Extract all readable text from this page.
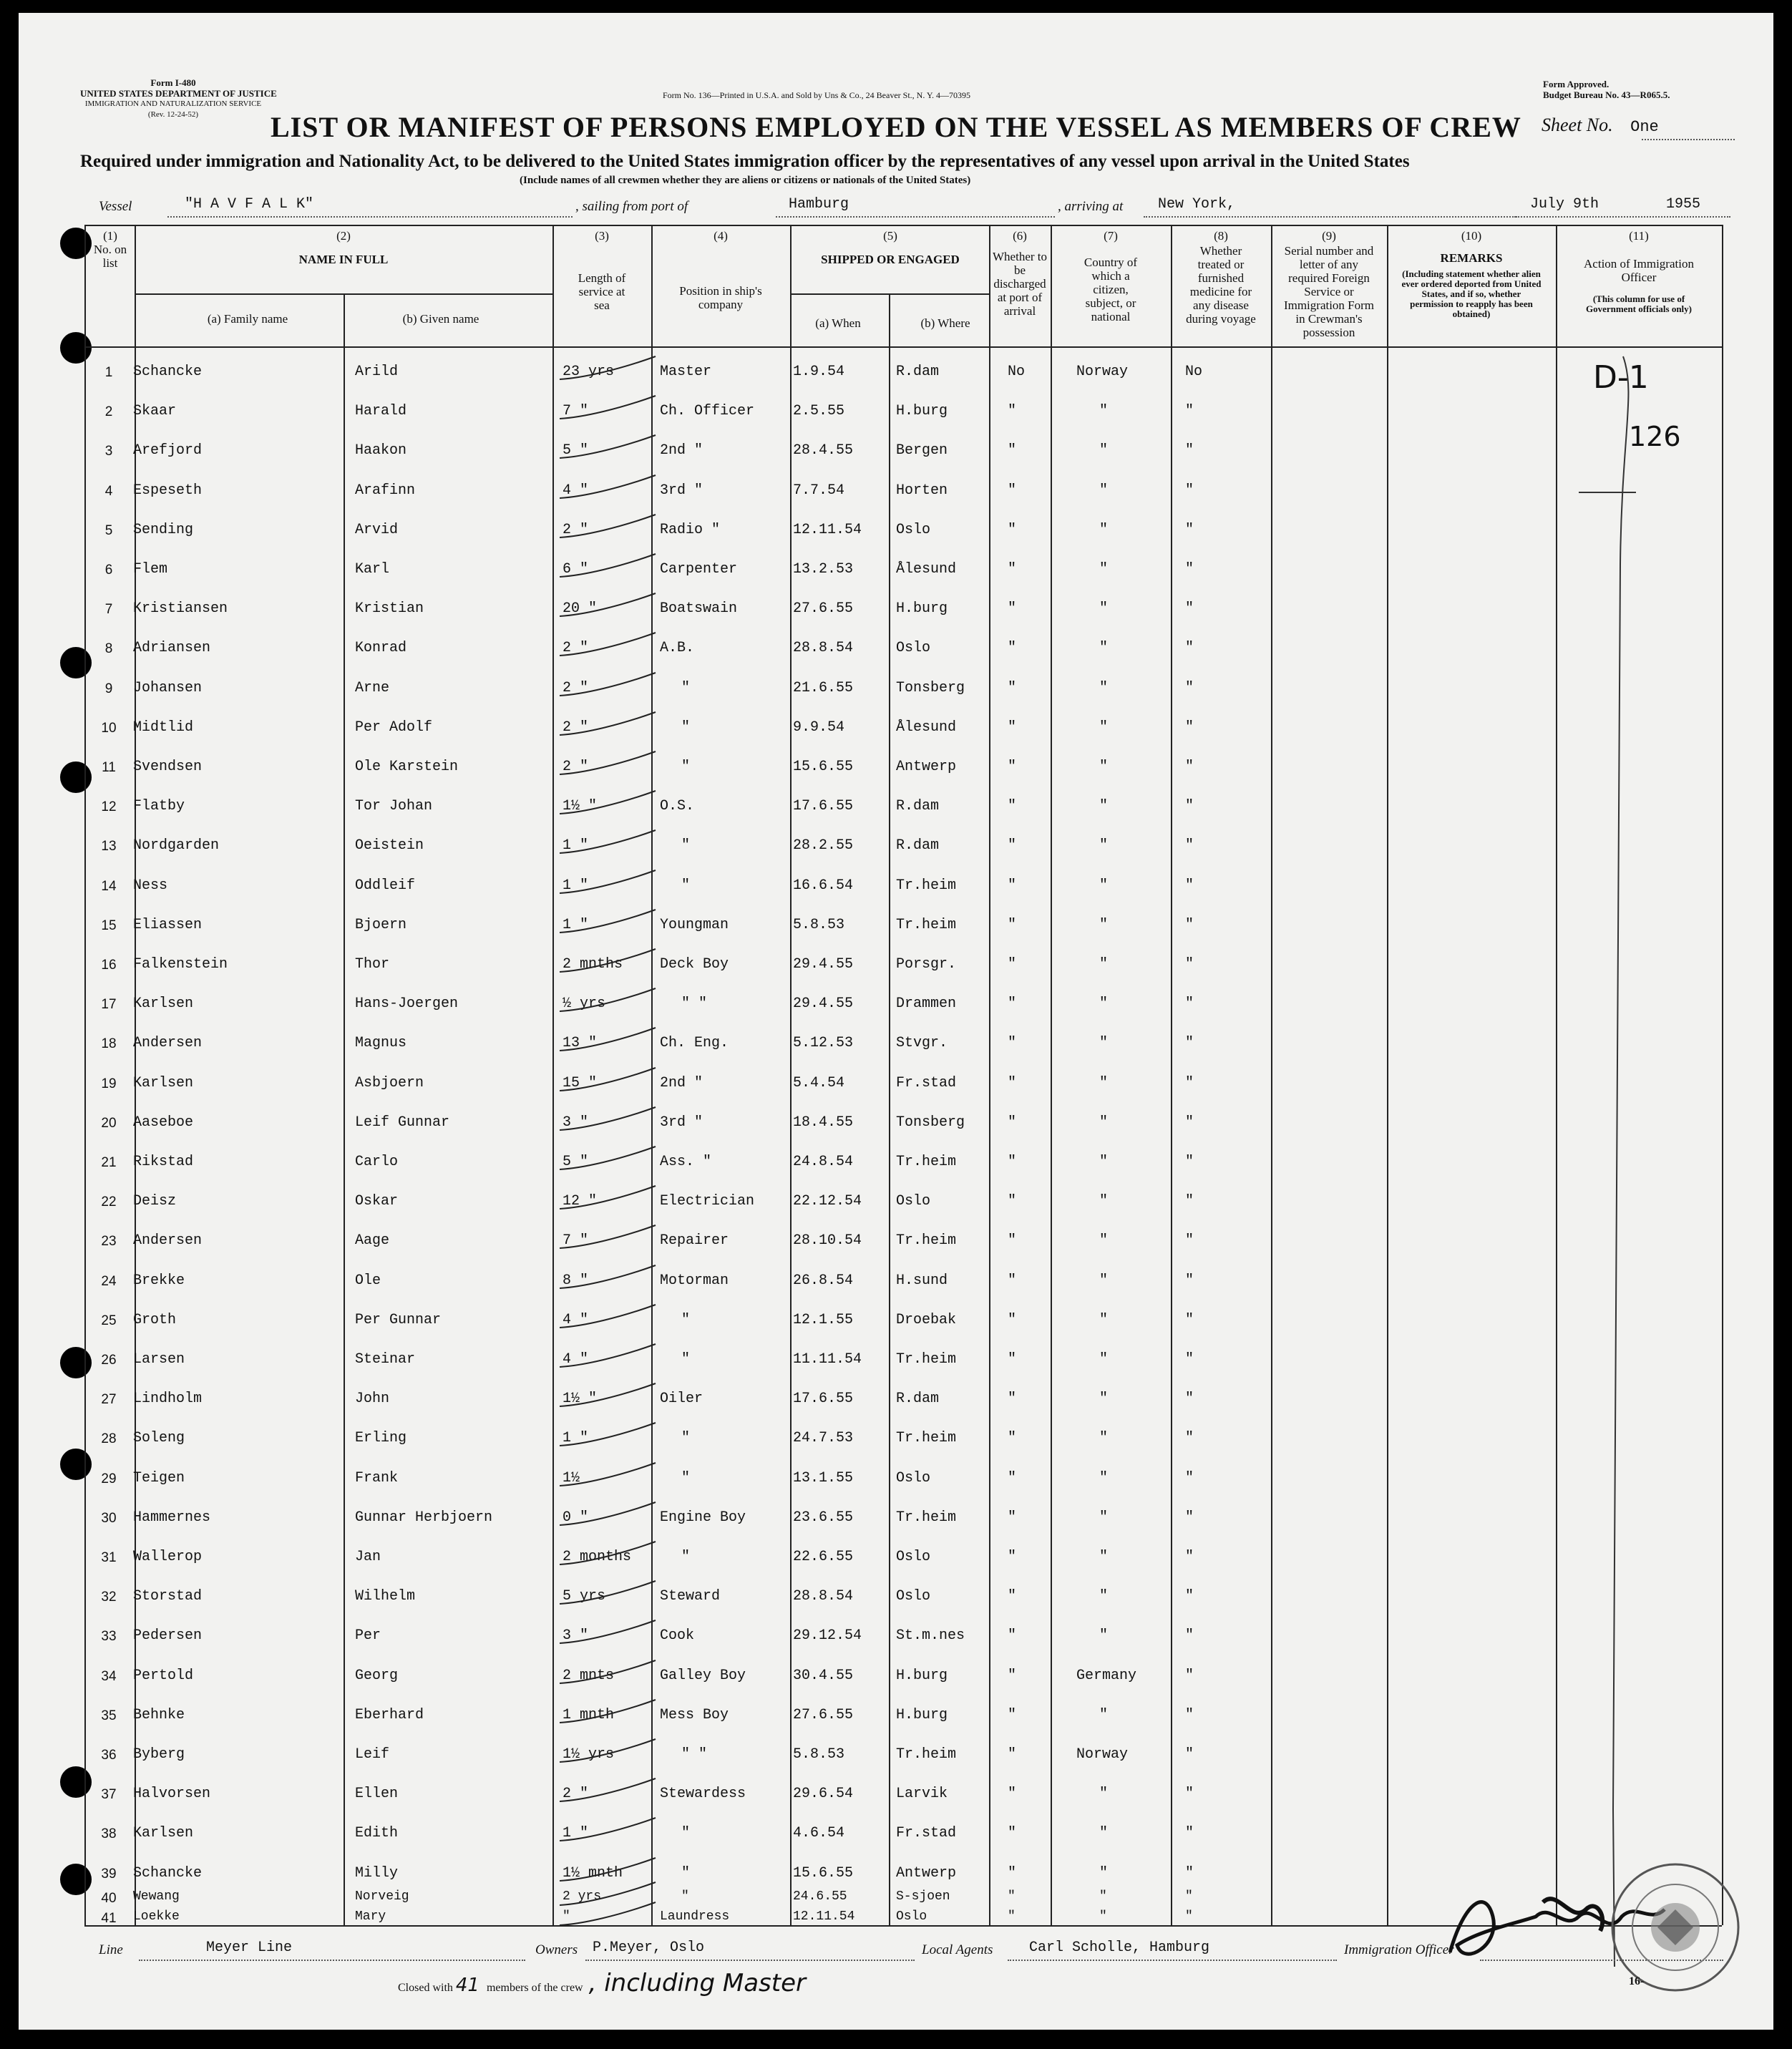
Form I-480
UNITED STATES DEPARTMENT OF JUSTICE
IMMIGRATION AND NATURALIZATION SERVICE
(Rev. 12-24-52)
Form No. 136—Printed in U.S.A. and Sold by Uns & Co., 24 Beaver St., N. Y. 4—70395
Form Approved.
Budget Bureau No. 43—R065.5.
LIST OR MANIFEST OF PERSONS EMPLOYED ON THE VESSEL AS MEMBERS OF CREW Sheet No. One
Required under immigration and Nationality Act, to be delivered to the United States immigration officer by the representatives of any vessel upon arrival in the United States
(Include names of all crewmen whether they are aliens or citizens or nationals of the United States)
Vessel	"H A V F A L K"	, sailing from port of	Hamburg	, arriving at New York,	July 9th	1955
(1)
No. on list
(2)
NAME IN FULL
(a) Family name	(b) Given name
(3)
Length of service at sea
(4)
Position in ship's company
(5)
SHIPPED OR ENGAGED
(a) When	(b) Where
(6)
Whether to be discharged at port of arrival
(7)
Country of which a citizen, subject, or national
(8)
Whether treated or furnished medicine for any disease during voyage
(9)
Serial number and letter of any required Foreign Service or Immigration Form in Crewman's possession
(10)
REMARKS
(Including statement whether alien ever ordered deported from United States, and if so, whether permission to reapply has been obtained)
(11)
Action of Immigration Officer
(This column for use of Government officials only)
1	Schancke	Arild	23 yrs	Master	1.9.54	R.dam	No	Norway	No
2	Skaar	Harald	7 "	Ch. Officer	2.5.55	H.burg	"	"	"
3	Arefjord	Haakon	5 "	2nd "	28.4.55	Bergen	"	"	"
4	Espeseth	Arafinn	4 "	3rd "	7.7.54	Horten	"	"	"
5	Sending	Arvid	2 "	Radio "	12.11.54 Oslo	"	"	"
6	Flem	Karl	6 "	Carpenter	13.2.53	Ålesund	"	"	"
7	Kristiansen	Kristian	20 "	Boatswain	27.6.55	H.burg	"	"	"
8	Adriansen	Konrad	2 "	A.B.	28.8.54	Oslo	"	"	"
9	Johansen	Arne	2 "	"	21.6.55	Tonsberg	"	"	"
10	Midtlid	Per Adolf	2 "	"	9.9.54	Ålesund	"	"	"
11	Svendsen	Ole Karstein	2 "	"	15.6.55	Antwerp	"	"	"
12	Flatby	Tor Johan	1½ "	O.S.	17.6.55	R.dam	"	"	"
13	Nordgarden	Oeistein	1 "	"	28.2.55	R.dam	"	"	"
14	Ness	Oddleif	1 "	"	16.6.54	Tr.heim	"	"	"
15	Eliassen	Bjoern	1 "	Youngman	5.8.53	Tr.heim	"	"	"
16	Falkenstein	Thor	2 mnths	Deck Boy	29.4.55	Porsgr.	"	"	"
17	Karlsen	Hans-Joergen	½ yrs	" "	29.4.55	Drammen	"	"	"
18	Andersen	Magnus	13 "	Ch. Eng.	5.12.53	Stvgr.	"	"	"
19	Karlsen	Asbjoern	15 "	2nd "	5.4.54	Fr.stad	"	"	"
20	Aaseboe	Leif Gunnar	3 "	3rd "	18.4.55	Tonsberg	"	"	"
21	Rikstad	Carlo	5 "	Ass. "	24.8.54	Tr.heim	"	"	"
22	Deisz	Oskar	12 "	Electrician	22.12.54 Oslo	"	"	"
23	Andersen	Aage	7 "	Repairer	28.10.54 Tr.heim	"	"	"
24	Brekke	Ole	8 "	Motorman	26.8.54	H.sund	"	"	"
25	Groth	Per Gunnar	4 "	"	12.1.55	Droebak	"	"	"
26	Larsen	Steinar	4 "	"	11.11.54 Tr.heim	"	"	"
27	Lindholm	John	1½ "	Oiler	17.6.55	R.dam	"	"	"
28	Soleng	Erling	1 "	"	24.7.53	Tr.heim	"	"	"
29	Teigen	Frank	1½	"	13.1.55	Oslo	"	"	"
30	Hammernes	Gunnar Herbjoern	0 "	Engine Boy	23.6.55	Tr.heim	"	"	"
31	Wallerop	Jan	2 months	"	22.6.55	Oslo	"	"	"
32	Storstad	Wilhelm	5 yrs	Steward	28.8.54	Oslo	"	"	"
33	Pedersen	Per	3 "	Cook	29.12.54 St.m.nes	"	"	"
34	Pertold	Georg	2 mnts	Galley Boy	30.4.55	H.burg	"	Germany	"
35	Behnke	Eberhard	1 mnth	Mess Boy	27.6.55	H.burg	"	"	"
36	Byberg	Leif	1½ yrs	" "	5.8.53	Tr.heim	"	Norway	"
37	Halvorsen	Ellen	2 "	Stewardess	29.6.54	Larvik	"	"	"
38	Karlsen	Edith	1 "	"	4.6.54	Fr.stad	"	"	"
39	Schancke	Milly	1½ mnth	"	15.6.55	Antwerp	"	"	"
40	Wewang	Norveig	2 yrs	"	24.6.55	S-sjoen	"	"	"
41	Loekke	Mary	"	Laundress	12.11.54	Oslo	"	"	"
D-1
126
Line	Meyer Line	Owners P.Meyer, Oslo	Local Agents	Carl Scholle, Hamburg	Immigration Officer
16-
Closed with 41 members of the crew , including Master
